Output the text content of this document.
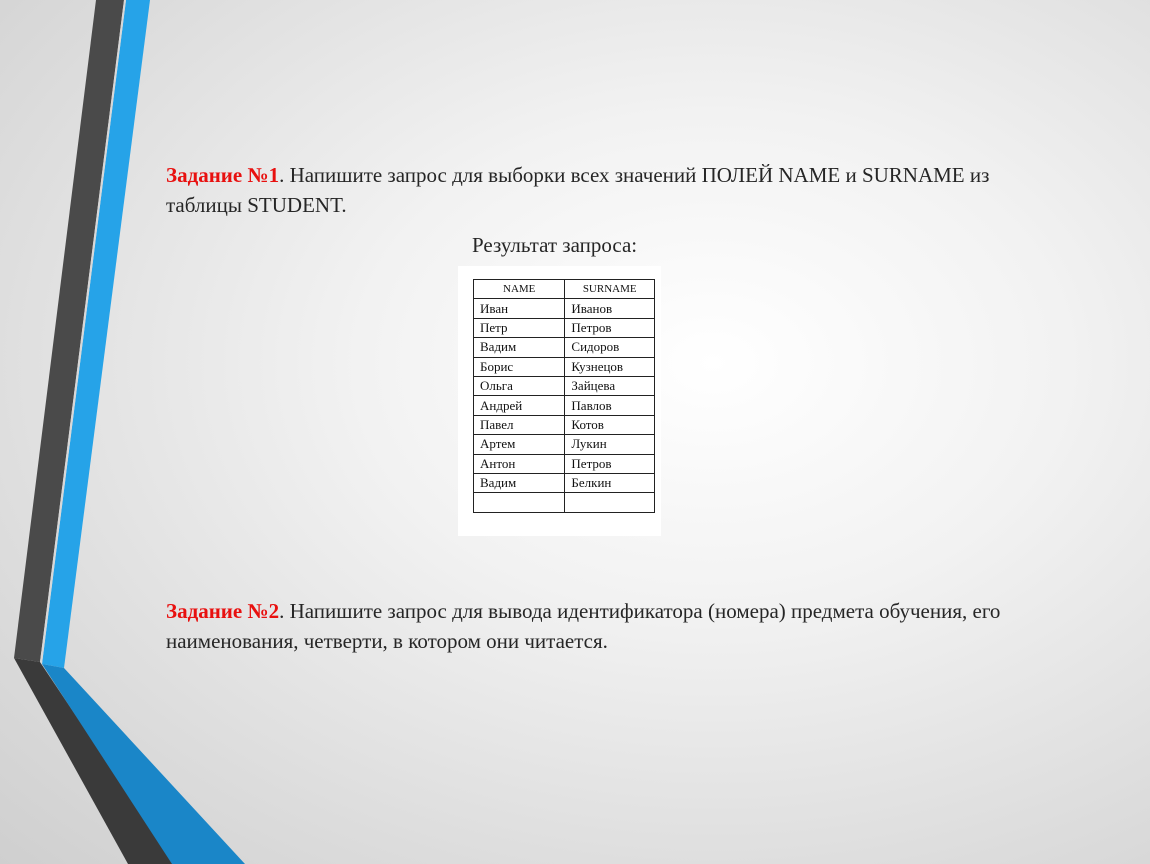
Задание №1. Напишите запрос для выборки всех значений ПОЛЕЙ NAME и SURNAME из таблицы STUDENT.
Результат запроса:
NAME	SURNAME
Иван	Иванов
Петр	Петров
Вадим	Сидоров
Борис	Кузнецов
Ольга	Зайцева
Андрей	Павлов
Павел	Котов
Артем	Лукин
Антон	Петров
Вадим	Белкин

Задание №2. Напишите запрос для вывода идентификатора (номера) предмета обучения, его наименования, четверти, в котором они читается.
